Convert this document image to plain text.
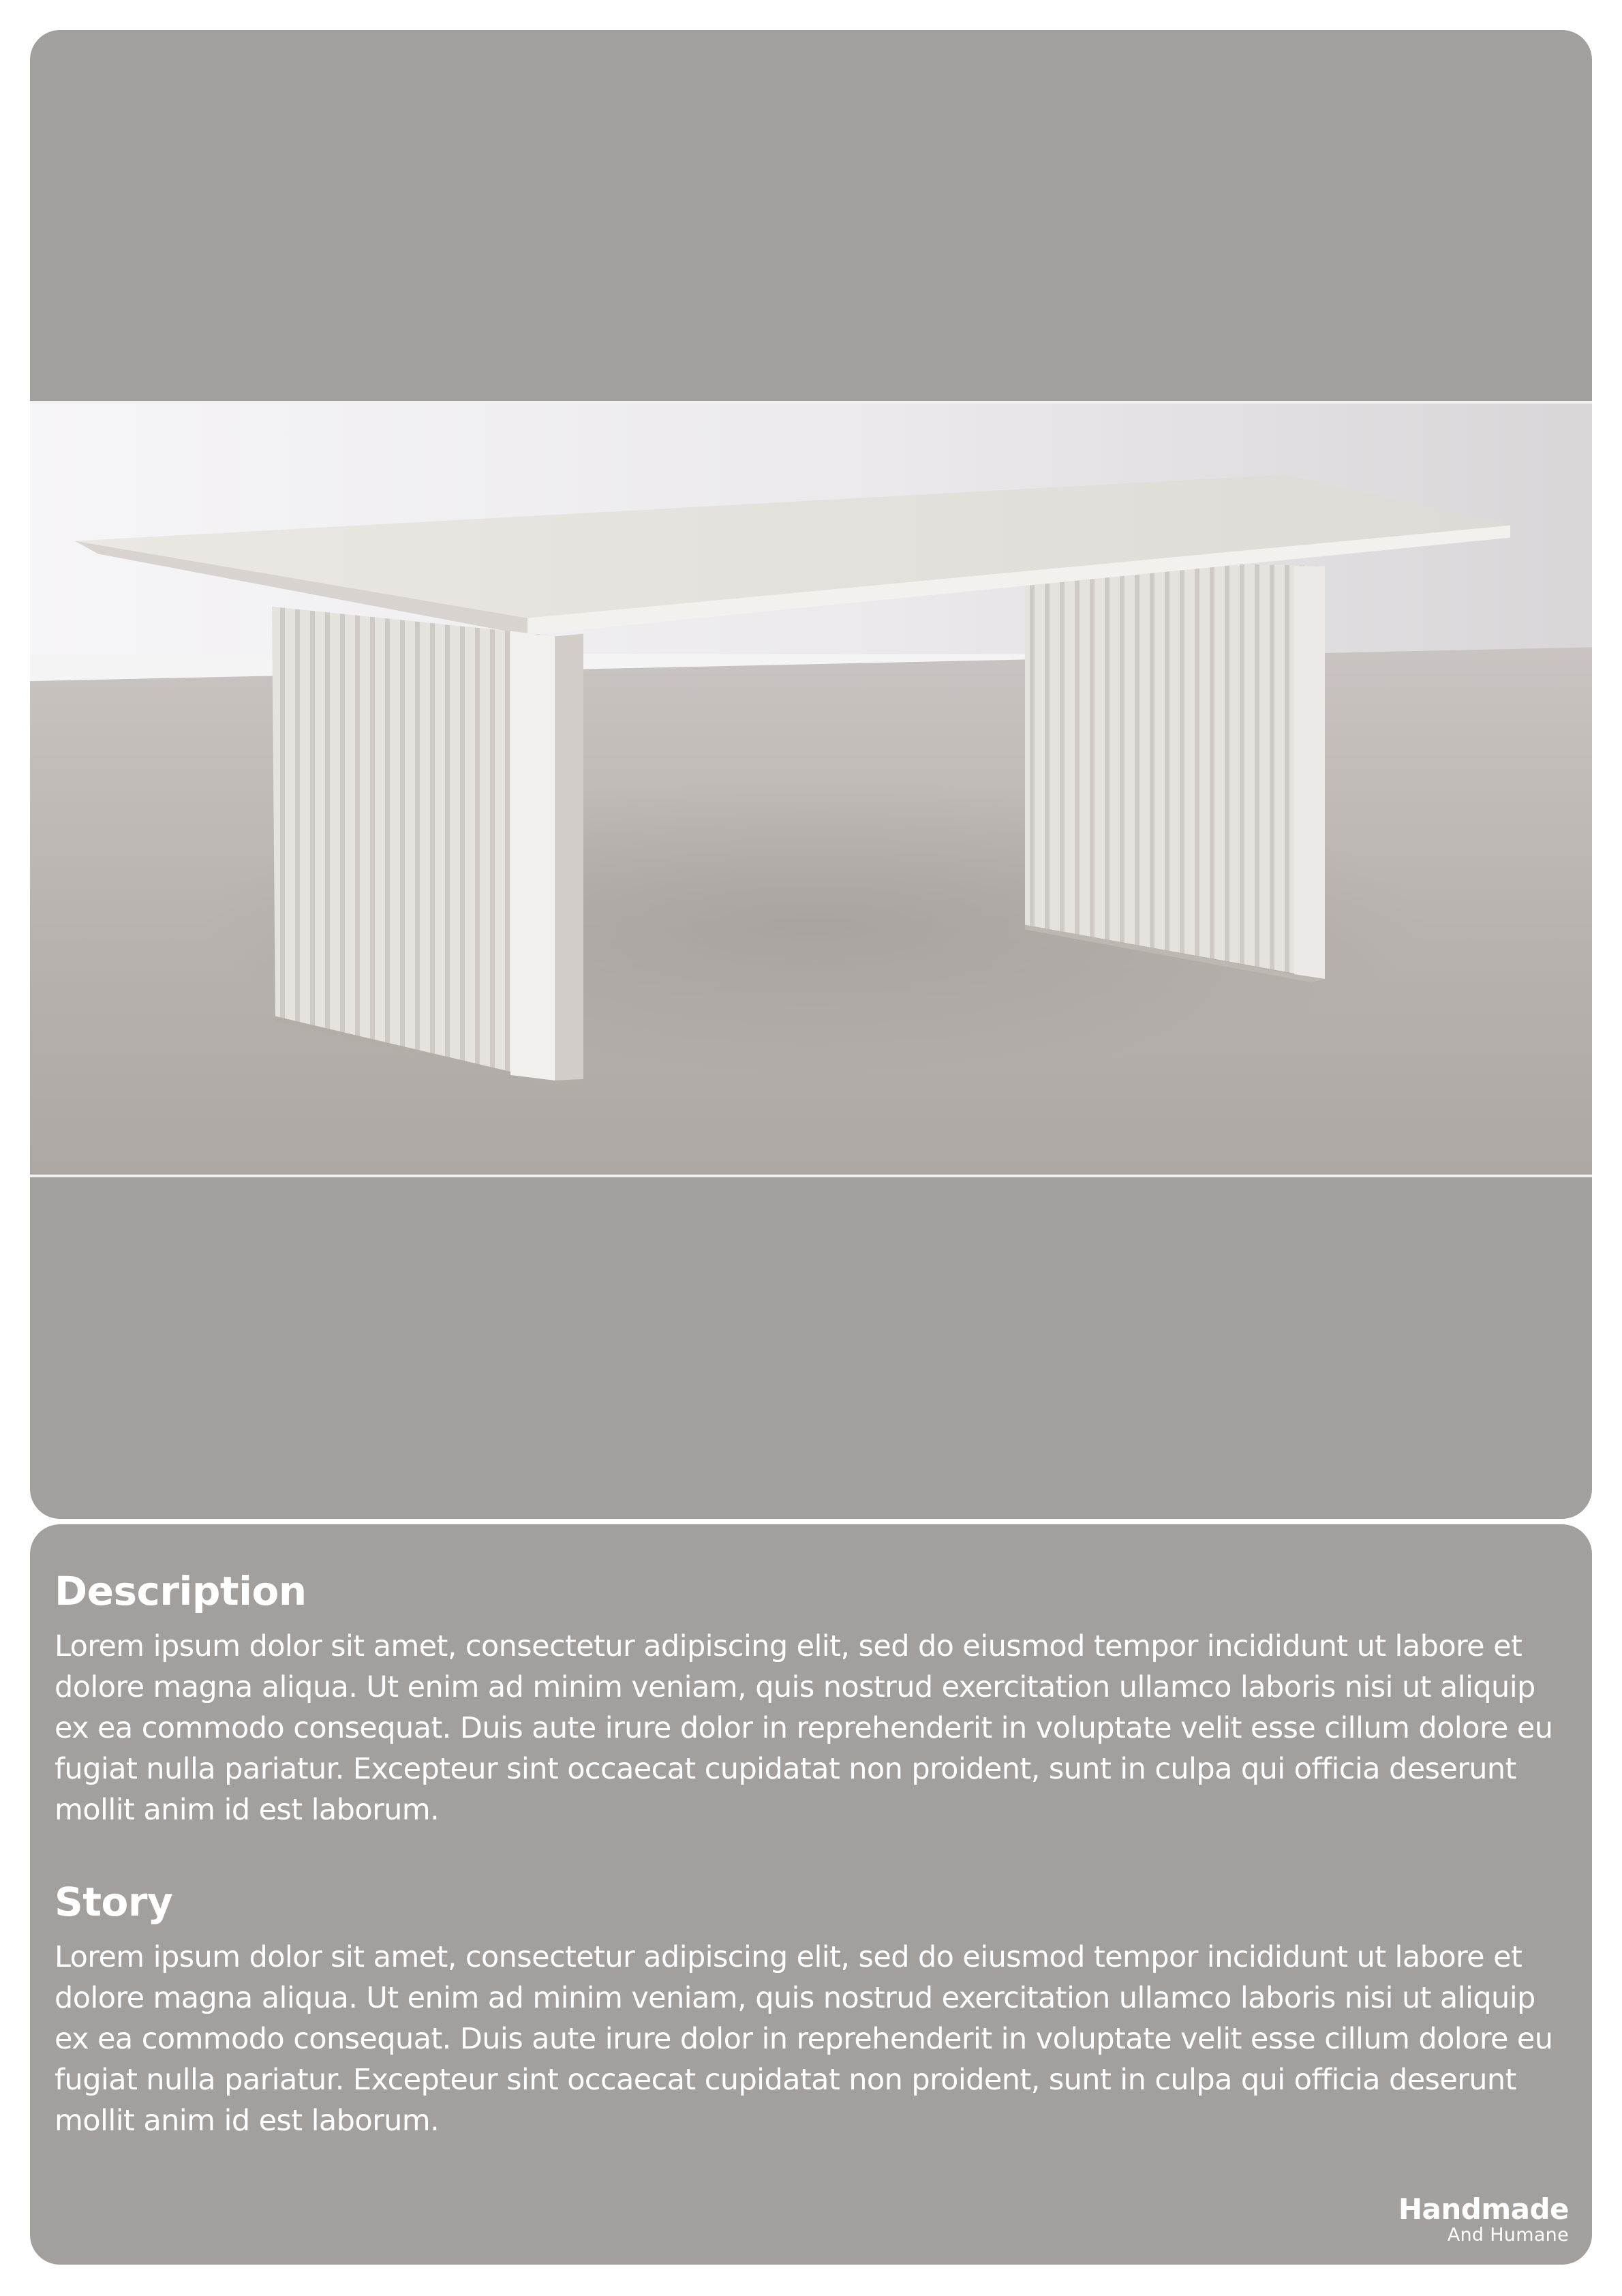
Description

Lorem ipsum dolor sit amet, consectetur adipiscing elit, sed do eiusmod tempor incididunt ut labore et dolore magna aliqua. Ut enim ad minim veniam, quis nostrud exercitation ullamco laboris nisi ut aliquip ex ea commodo consequat. Duis aute irure dolor in reprehenderit in voluptate velit esse cillum dolore eu fugiat nulla pariatur. Excepteur sint occaecat cupidatat non proident, sunt in culpa qui officia deserunt mollit anim id est laborum.

Story

Lorem ipsum dolor sit amet, consectetur adipiscing elit, sed do eiusmod tempor incididunt ut labore et dolore magna aliqua. Ut enim ad minim veniam, quis nostrud exercitation ullamco laboris nisi ut aliquip ex ea commodo consequat. Duis aute irure dolor in reprehenderit in voluptate velit esse cillum dolore eu fugiat nulla pariatur. Excepteur sint occaecat cupidatat non proident, sunt in culpa qui officia deserunt mollit anim id est laborum.

Handmade
And Humane
